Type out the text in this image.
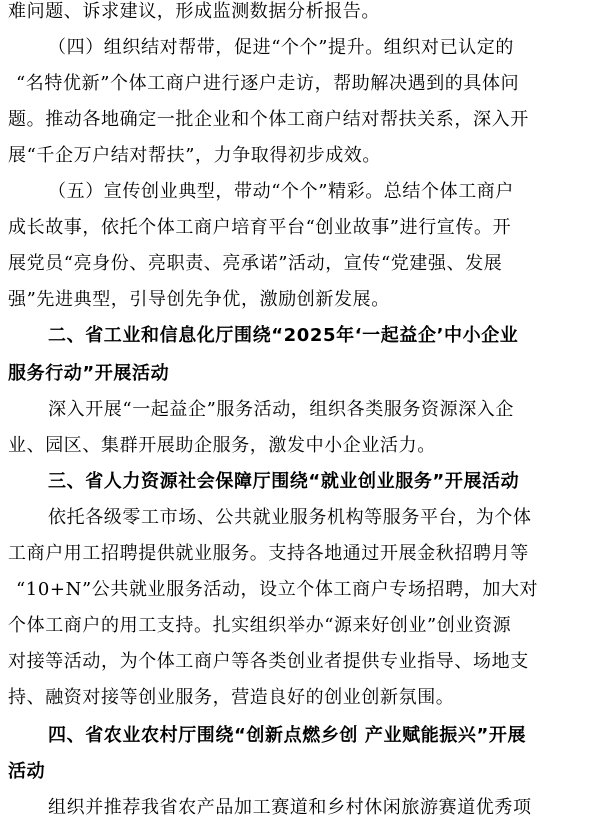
难问题、诉求建议，形成监测数据分析报告。
（四）组织结对帮带，促进“个个”提升。组织对已认定的
“名特优新”个体工商户进行逐户走访，帮助解决遇到的具体问
题。推动各地确定一批企业和个体工商户结对帮扶关系，深入开
展“千企万户结对帮扶”，力争取得初步成效。
（五）宣传创业典型，带动“个个”精彩。总结个体工商户
成长故事，依托个体工商户培育平台“创业故事”进行宣传。开
展党员“亮身份、亮职责、亮承诺”活动，宣传“党建强、发展
强”先进典型，引导创先争优，激励创新发展。
二、省工业和信息化厅围绕“2025年‘一起益企’中小企业
服务行动”开展活动
深入开展“一起益企”服务活动，组织各类服务资源深入企
业、园区、集群开展助企服务，激发中小企业活力。
三、省人力资源社会保障厅围绕“就业创业服务”开展活动
依托各级零工市场、公共就业服务机构等服务平台，为个体
工商户用工招聘提供就业服务。支持各地通过开展金秋招聘月等
“10+N”公共就业服务活动，设立个体工商户专场招聘，加大对
个体工商户的用工支持。扎实组织举办“源来好创业”创业资源
对接等活动，为个体工商户等各类创业者提供专业指导、场地支
持、融资对接等创业服务，营造良好的创业创新氛围。
四、省农业农村厅围绕“创新点燃乡创 产业赋能振兴”开展
活动
组织并推荐我省农产品加工赛道和乡村休闲旅游赛道优秀项
